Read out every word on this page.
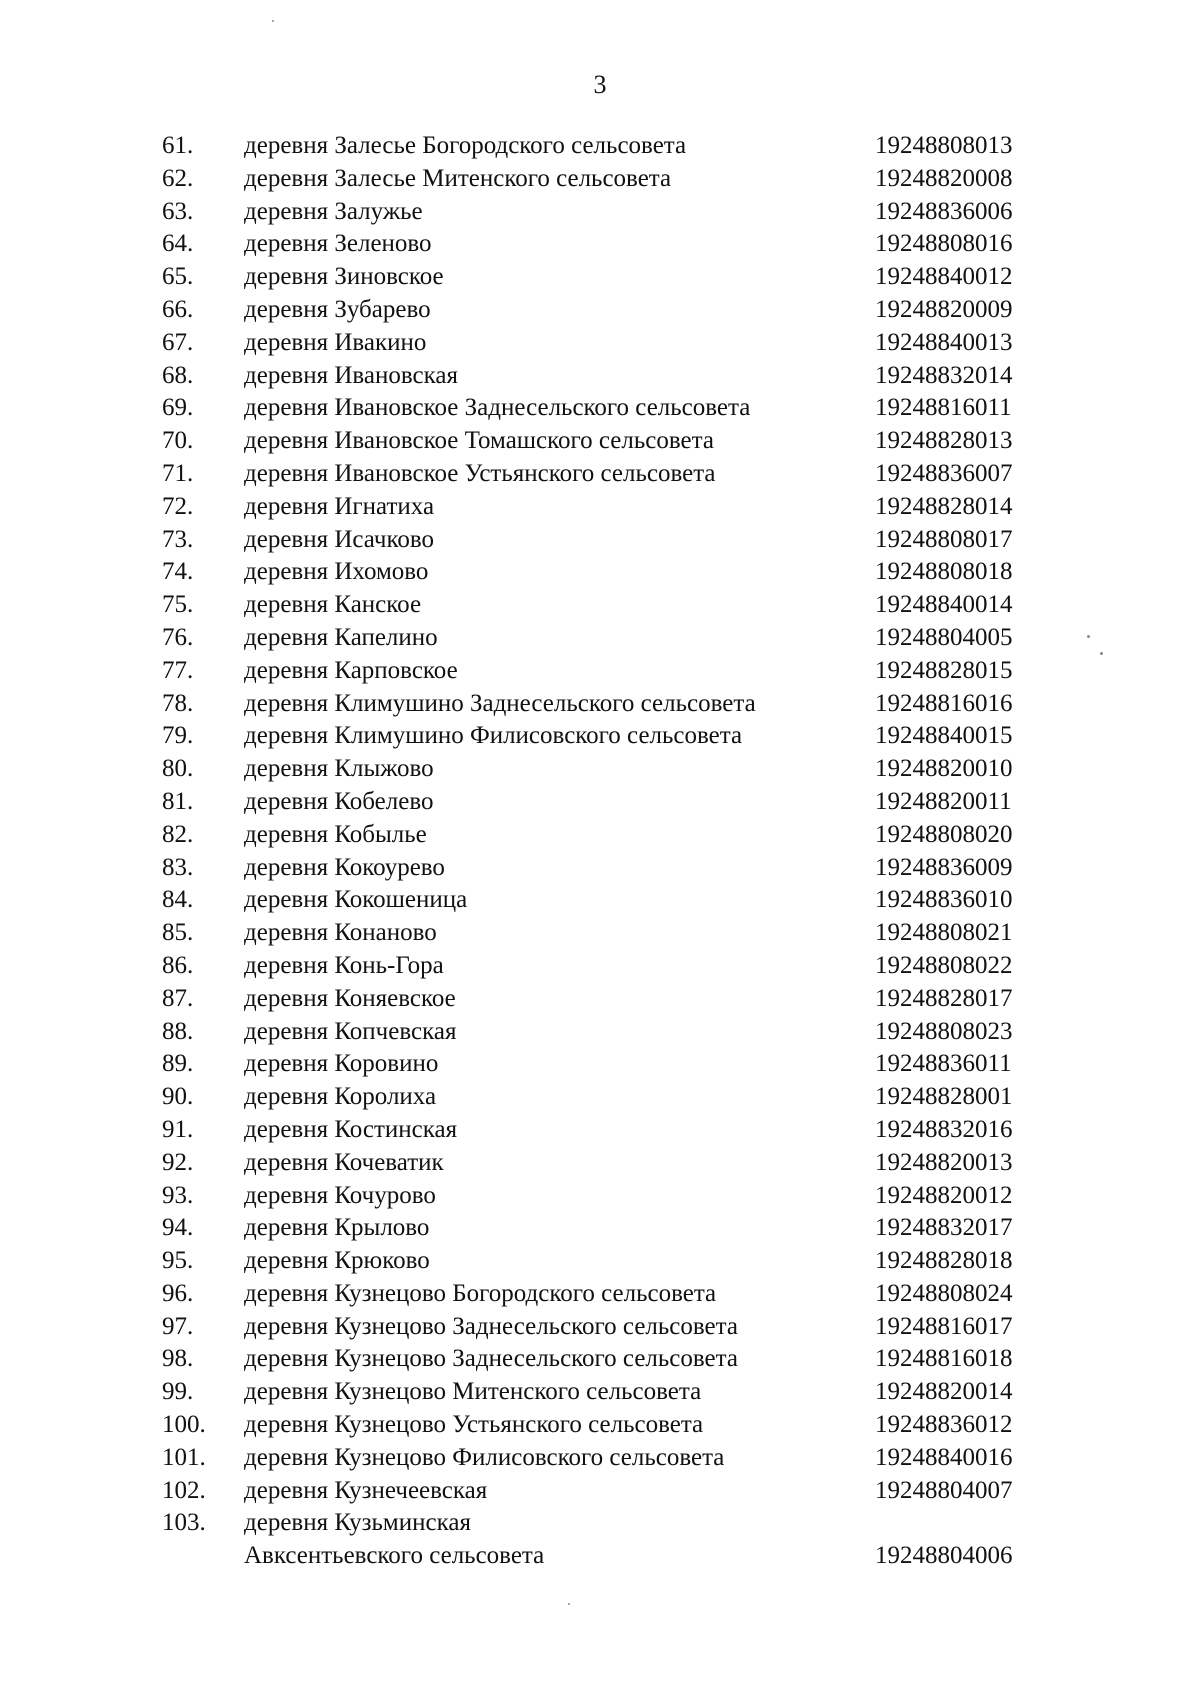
3
61.	деревня Залесье Богородского сельсовета	19248808013
62.	деревня Залесье Митенского сельсовета	19248820008
63.	деревня Залужье	19248836006
64.	деревня Зеленово	19248808016
65.	деревня Зиновское	19248840012
66.	деревня Зубарево	19248820009
67.	деревня Ивакино	19248840013
68.	деревня Ивановская	19248832014
69.	деревня Ивановское Заднесельского сельсовета	19248816011
70.	деревня Ивановское Томашского сельсовета	19248828013
71.	деревня Ивановское Устьянского сельсовета	19248836007
72.	деревня Игнатиха	19248828014
73.	деревня Исачково	19248808017
74.	деревня Ихомово	19248808018
75.	деревня Канское	19248840014
76.	деревня Капелино	19248804005
77.	деревня Карповское	19248828015
78.	деревня Климушино Заднесельского сельсовета	19248816016
79.	деревня Климушино Филисовского сельсовета	19248840015
80.	деревня Клыжово	19248820010
81.	деревня Кобелево	19248820011
82.	деревня Кобылье	19248808020
83.	деревня Кокоурево	19248836009
84.	деревня Кокошеница	19248836010
85.	деревня Конаново	19248808021
86.	деревня Конь-Гора	19248808022
87.	деревня Коняевское	19248828017
88.	деревня Копчевская	19248808023
89.	деревня Коровино	19248836011
90.	деревня Королиха	19248828001
91.	деревня Костинская	19248832016
92.	деревня Кочеватик	19248820013
93.	деревня Кочурово	19248820012
94.	деревня Крылово	19248832017
95.	деревня Крюково	19248828018
96.	деревня Кузнецово Богородского сельсовета	19248808024
97.	деревня Кузнецово Заднесельского сельсовета	19248816017
98.	деревня Кузнецово Заднесельского сельсовета	19248816018
99.	деревня Кузнецово Митенского сельсовета	19248820014
100.	деревня Кузнецово Устьянского сельсовета	19248836012
101.	деревня Кузнецово Филисовского сельсовета	19248840016
102.	деревня Кузнечеевская	19248804007
103.	деревня Кузьминская
Авксентьевского сельсовета	19248804006
